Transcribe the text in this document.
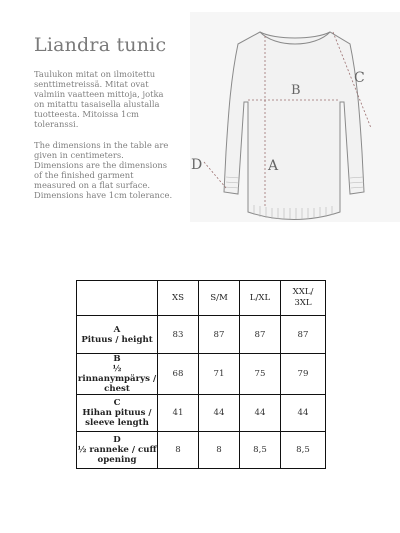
Liandra tunic
Taulukon mitat on ilmoitettu senttimetreissä. Mitat ovat valmiin vaatteen mittoja, jotka on mitattu tasaisella alustalla tuotteesta. Mitoissa 1cm toleranssi.
The dimensions in the table are given in centimeters. Dimensions are the dimensions of the finished garment measured on a flat surface. Dimensions have 1cm tolerance.
A
B
C
D
	XS	S/M	L/XL	XXL/
3XL

A
Pituus / height	83	87	87	87

B
½ rinnanympärys / chest	68	71	75	79

C
Hihan pituus / sleeve length	41	44	44	44

D
½ ranneke / cuff opening	8	8	8,5	8,5
